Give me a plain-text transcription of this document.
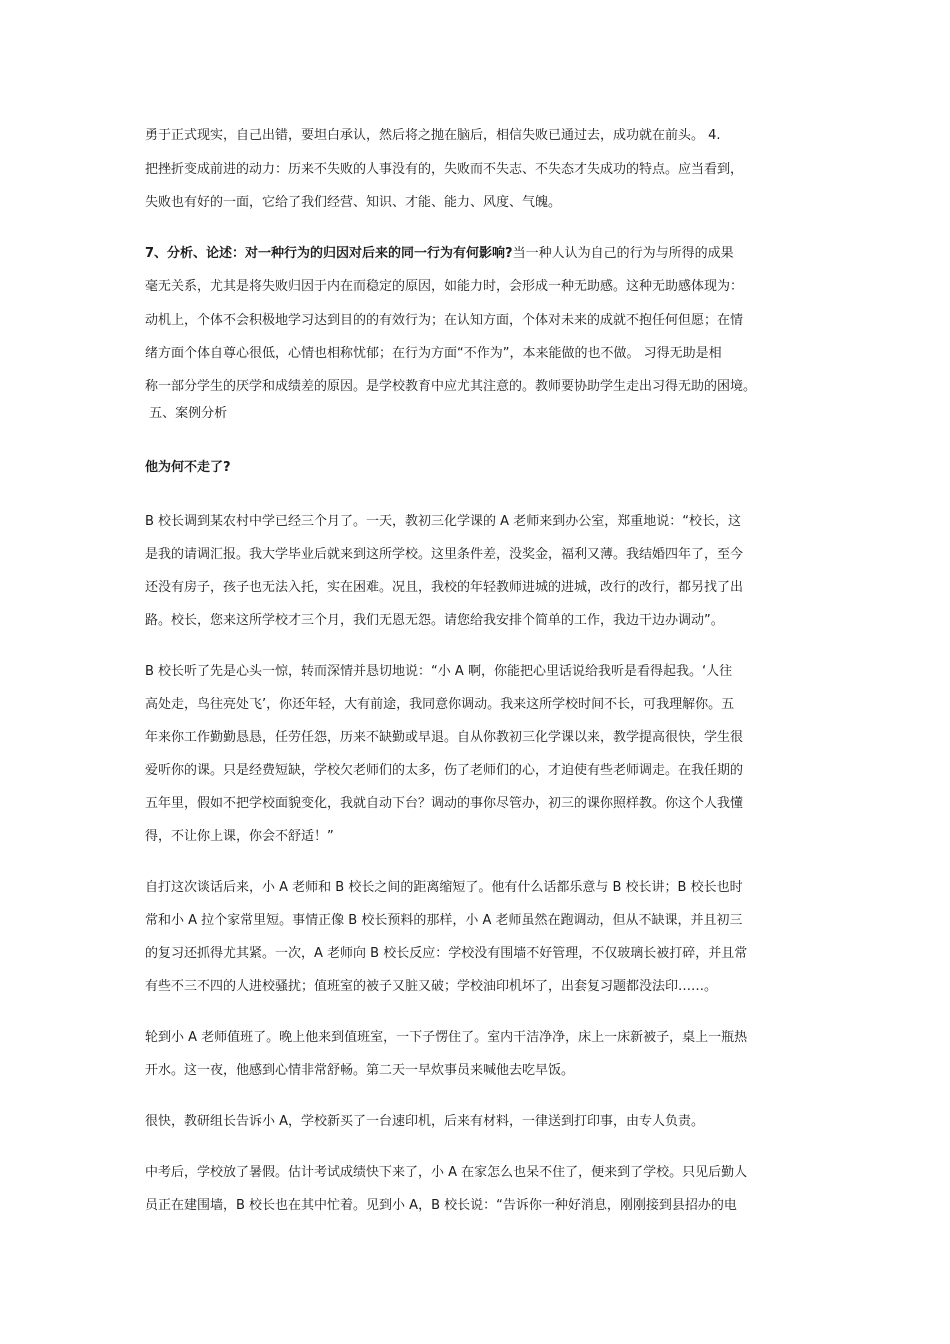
勇于正式现实，自己出错，要坦白承认，然后将之抛在脑后，相信失败已通过去，成功就在前头。 4.
把挫折变成前进的动力：历来不失败的人事没有的，失败而不失志、不失态才失成功的特点。应当看到，
失败也有好的一面，它给了我们经营、知识、才能、能力、风度、气魄。
7、分析、论述：对一种行为的归因对后来的同一行为有何影响?当一种人认为自己的行为与所得的成果
毫无关系，尤其是将失败归因于内在而稳定的原因，如能力时，会形成一种无助感。这种无助感体现为：
动机上，个体不会积极地学习达到目的的有效行为；在认知方面，个体对未来的成就不抱任何但愿；在情
绪方面个体自尊心很低，心情也相称忧郁；在行为方面“不作为”，本来能做的也不做。 习得无助是相
称一部分学生的厌学和成绩差的原因。是学校教育中应尤其注意的。教师要协助学生走出习得无助的困境。
五、案例分析
他为何不走了?
B 校长调到某农村中学已经三个月了。一天，教初三化学课的 A 老师来到办公室，郑重地说：“校长，这
是我的请调汇报。我大学毕业后就来到这所学校。这里条件差，没奖金，福利又薄。我结婚四年了，至今
还没有房子，孩子也无法入托，实在困难。况且，我校的年轻教师进城的进城，改行的改行，都另找了出
路。校长，您来这所学校才三个月，我们无恩无怨。请您给我安排个简单的工作，我边干边办调动”。
B 校长听了先是心头一惊，转而深情并恳切地说：“小 A 啊，你能把心里话说给我听是看得起我。‘人往
高处走，鸟往亮处飞’，你还年轻，大有前途，我同意你调动。我来这所学校时间不长，可我理解你。五
年来你工作勤勤恳恳，任劳任怨，历来不缺勤或早退。自从你教初三化学课以来，教学提高很快，学生很
爱听你的课。只是经费短缺，学校欠老师们的太多，伤了老师们的心，才迫使有些老师调走。在我任期的
五年里，假如不把学校面貌变化，我就自动下台？调动的事你尽管办，初三的课你照样教。你这个人我懂
得，不让你上课，你会不舒适！”
自打这次谈话后来，小 A 老师和 B 校长之间的距离缩短了。他有什么话都乐意与 B 校长讲；B 校长也时
常和小 A 拉个家常里短。事情正像 B 校长预料的那样，小 A 老师虽然在跑调动，但从不缺课，并且初三
的复习还抓得尤其紧。一次，A 老师向 B 校长反应：学校没有围墙不好管理，不仅玻璃长被打碎，并且常
有些不三不四的人进校骚扰；值班室的被子又脏又破；学校油印机坏了，出套复习题都没法印……。
轮到小 A 老师值班了。晚上他来到值班室，一下子愣住了。室内干洁净净，床上一床新被子，桌上一瓶热
开水。这一夜，他感到心情非常舒畅。第二天一早炊事员来喊他去吃早饭。
很快，教研组长告诉小 A，学校新买了一台速印机，后来有材料，一律送到打印事，由专人负责。
中考后，学校放了暑假。估计考试成绩快下来了，小 A 在家怎么也呆不住了，便来到了学校。只见后勤人
员正在建围墙，B 校长也在其中忙着。见到小 A，B 校长说：“告诉你一种好消息，刚刚接到县招办的电
